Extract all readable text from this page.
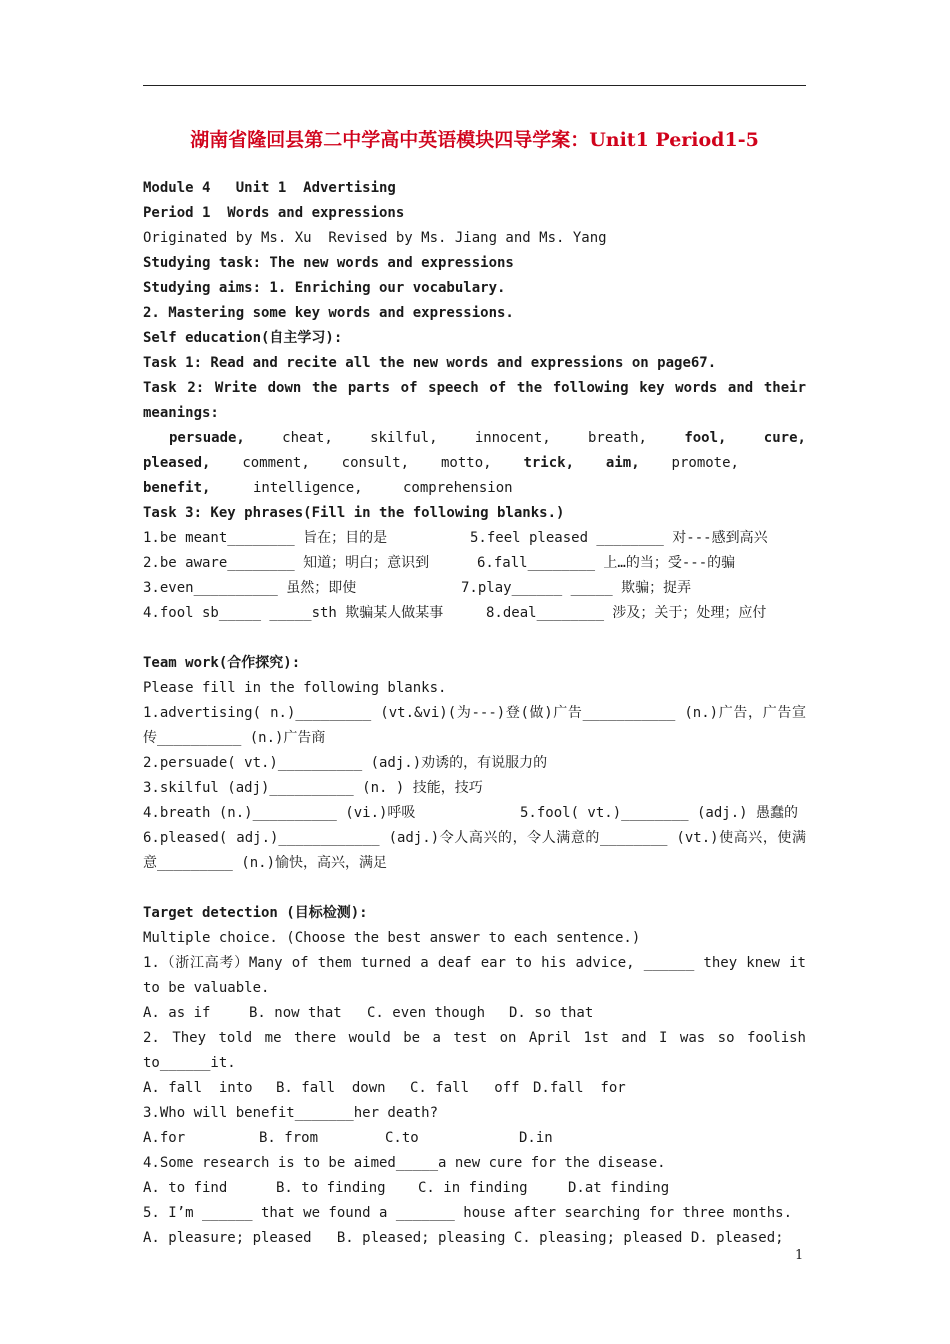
湖南省隆回县第二中学高中英语模块四导学案：Unit1 Period1-5
Module 4   Unit 1  Advertising
Period 1  Words and expressions
Originated by Ms. Xu  Revised by Ms. Jiang and Ms. Yang
Studying task: The new words and expressions
Studying aims: 1. Enriching our vocabulary.
2. Mastering some key words and expressions.
Self education(自主学习):
Task 1: Read and recite all the new words and expressions on page67.
Task 2: Write down the parts of speech of the following key words and their meanings:
persuade,	cheat,	skilful,	innocent,	breath,	fool,	cure,
pleased, comment, consult, motto, trick, aim, promote,
benefit,	intelligence,	comprehension
Task 3: Key phrases(Fill in the following blanks.)
1.be meant________ 旨在；目的是	5.feel pleased ________ 对---感到高兴
2.be aware________ 知道；明白；意识到	6.fall________ 上…的当；受---的骗
3.even__________ 虽然；即使	7.play______ _____ 欺骗；捉弄
4.fool sb_____ _____sth 欺骗某人做某事	8.deal________ 涉及；关于；处理；应付
Team work(合作探究):
Please fill in the following blanks.
1.advertising( n.)_________ (vt.&vi)(为---)登(做)广告___________ (n.)广告，广告宣传__________ (n.)广告商
2.persuade( vt.)__________ (adj.)劝诱的，有说服力的
3.skilful (adj)__________ (n. ) 技能，技巧
4.breath (n.)__________ (vi.)呼吸	5.fool( vt.)________ (adj.) 愚蠢的
6.pleased( adj.)____________ (adj.)令人高兴的，令人满意的________ (vt.)使高兴，使满意_________ (n.)愉快，高兴，满足
Target detection (目标检测):
Multiple choice. (Choose the best answer to each sentence.)
1.（浙江高考）Many of them turned a deaf ear to his advice, ______ they knew it to be valuable.
A. as if	B. now that	C. even though	D. so that
2. They told me there would be a test on April 1st and I was so foolish to______it.
A. fall  into	B. fall  down	C. fall   off D.fall  for
3.Who will benefit_______her death?
A.for	B. from	C.to	D.in
4.Some research is to be aimed_____a new cure for the disease.
A. to find	B. to finding	C. in finding	D.at finding
5. I’m ______ that we found a _______ house after searching for three months.
A. pleasure; pleased   B. pleased; pleasing C. pleasing; pleased D. pleased;
1
